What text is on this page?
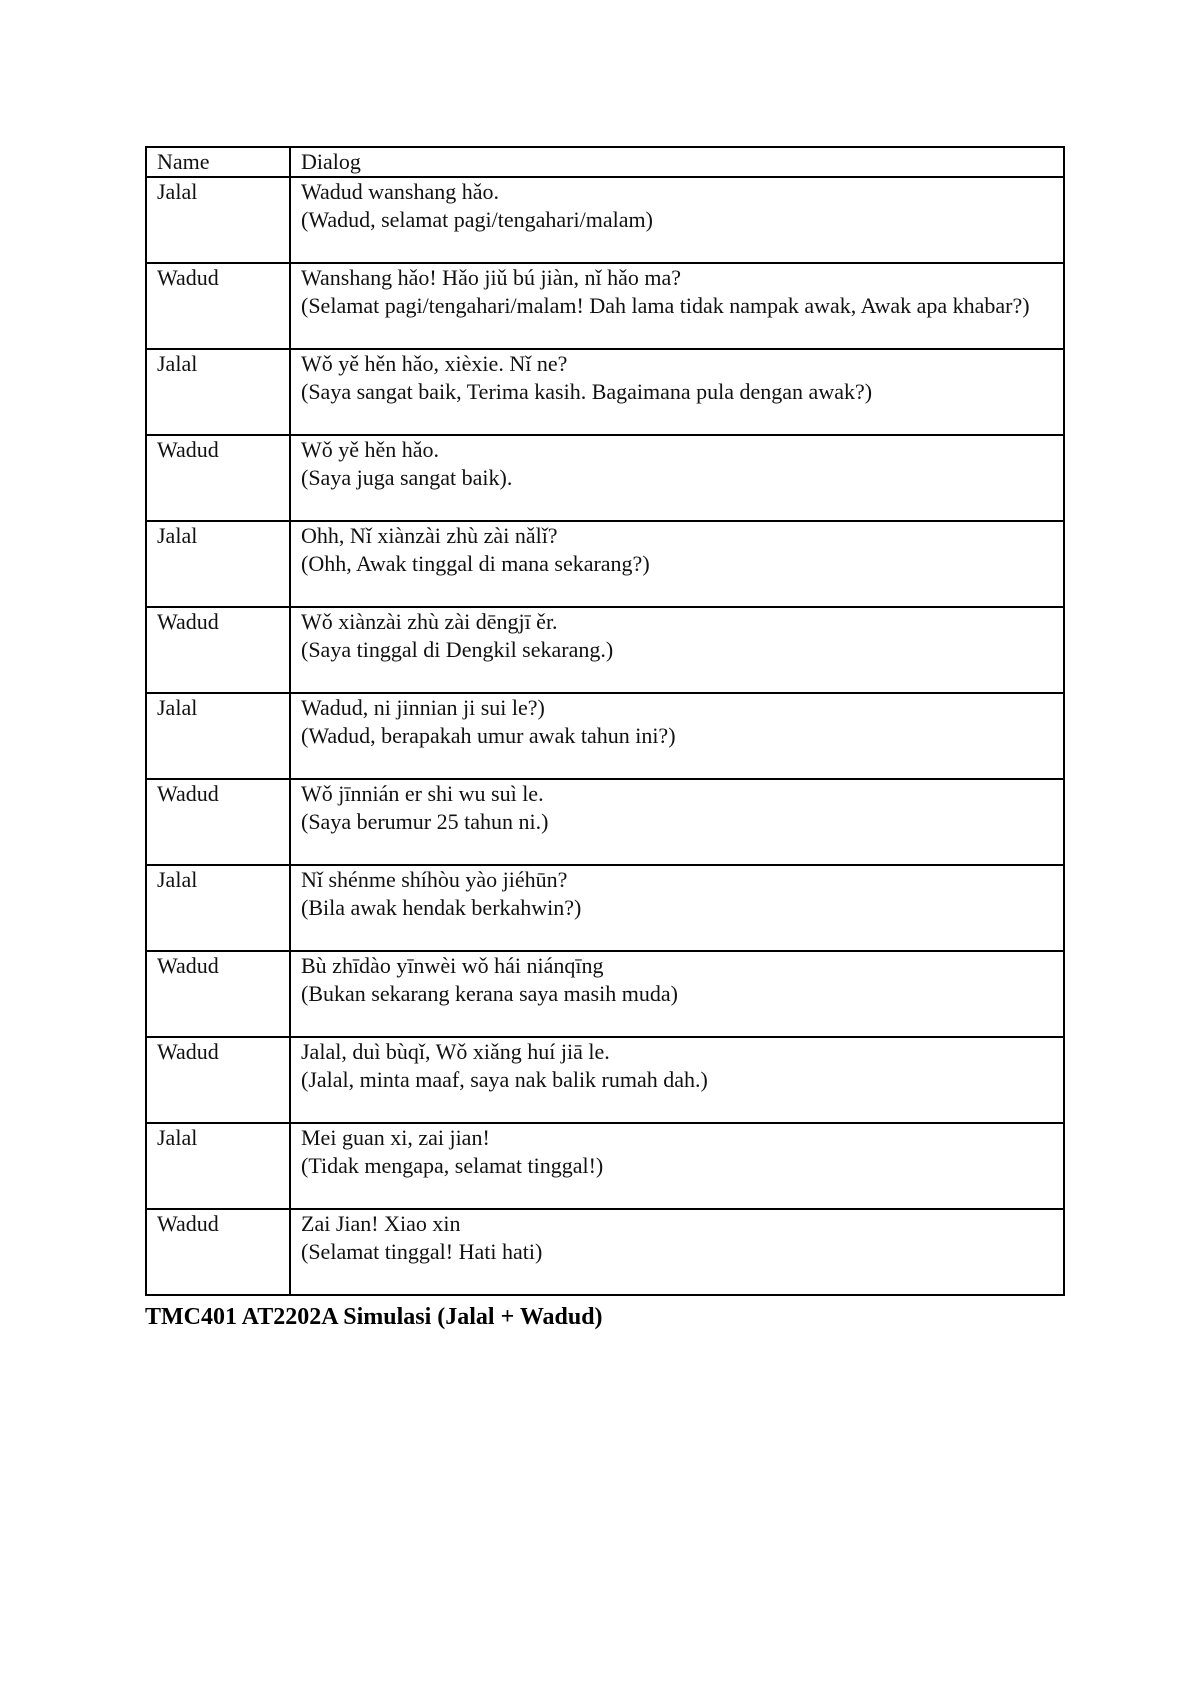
Name	Dialog
Jalal	Wadud wanshang hǎo.
(Wadud, selamat pagi/tengahari/malam)

Wadud	Wanshang hǎo! Hǎo jiǔ bú jiàn, nǐ hǎo ma?
(Selamat pagi/tengahari/malam! Dah lama tidak nampak awak, Awak apa khabar?)

Jalal	Wǒ yě hěn hǎo, xièxie. Nǐ ne?
(Saya sangat baik, Terima kasih. Bagaimana pula dengan awak?)

Wadud	Wǒ yě hěn hǎo.
(Saya juga sangat baik).

Jalal	Ohh, Nǐ xiànzài zhù zài nǎlǐ?
(Ohh, Awak tinggal di mana sekarang?)

Wadud	Wǒ xiànzài zhù zài dēngjī ěr.
(Saya tinggal di Dengkil sekarang.)

Jalal	Wadud, ni jinnian ji sui le?)
(Wadud, berapakah umur awak tahun ini?)

Wadud	Wǒ jīnnián er shi wu suì le.
(Saya berumur 25 tahun ni.)

Jalal	Nǐ shénme shíhòu yào jiéhūn?
(Bila awak hendak berkahwin?)

Wadud	Bù zhīdào yīnwèi wǒ hái niánqīng
(Bukan sekarang kerana saya masih muda)

Wadud	Jalal, duì bùqǐ, Wǒ xiǎng huí jiā le.
(Jalal, minta maaf, saya nak balik rumah dah.)

Jalal	Mei guan xi, zai jian!
(Tidak mengapa, selamat tinggal!)

Wadud	Zai Jian! Xiao xin
(Selamat tinggal! Hati hati)
TMC401 AT2202A Simulasi (Jalal + Wadud)
